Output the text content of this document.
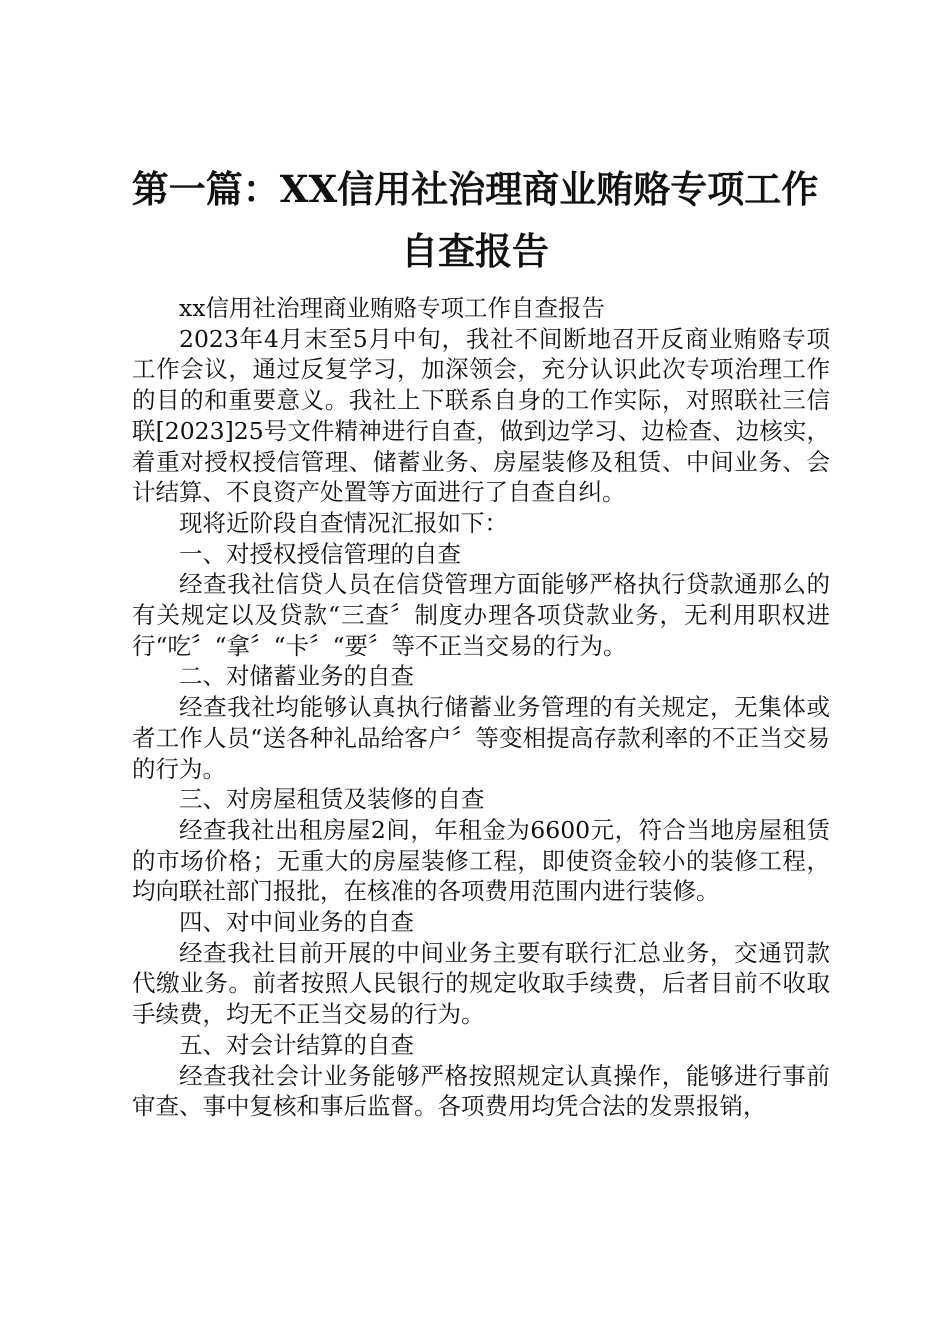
第一篇：XX信用社治理商业贿赂专项工作自查报告

xx信用社治理商业贿赂专项工作自查报告

2023年4月末至5月中旬，我社不间断地召开反商业贿赂专项工作会议，通过反复学习，加深领会，充分认识此次专项治理工作的目的和重要意义。我社上下联系自身的工作实际，对照联社三信联[2023]25号文件精神进行自查，做到边学习、边检查、边核实，着重对授权授信管理、储蓄业务、房屋装修及租赁、中间业务、会计结算、不良资产处置等方面进行了自查自纠。

现将近阶段自查情况汇报如下：

一、对授权授信管理的自查

经查我社信贷人员在信贷管理方面能够严格执行贷款通那么的有关规定以及贷款“三查〞制度办理各项贷款业务，无利用职权进行“吃〞“拿〞“卡〞“要〞等不正当交易的行为。

二、对储蓄业务的自查

经查我社均能够认真执行储蓄业务管理的有关规定，无集体或者工作人员“送各种礼品给客户〞等变相提高存款利率的不正当交易的行为。

三、对房屋租赁及装修的自查

经查我社出租房屋2间，年租金为6600元，符合当地房屋租赁的市场价格；无重大的房屋装修工程，即使资金较小的装修工程，均向联社部门报批，在核准的各项费用范围内进行装修。

四、对中间业务的自查

经查我社目前开展的中间业务主要有联行汇总业务，交通罚款代缴业务。前者按照人民银行的规定收取手续费，后者目前不收取手续费，均无不正当交易的行为。

五、对会计结算的自查

经查我社会计业务能够严格按照规定认真操作，能够进行事前审查、事中复核和事后监督。各项费用均凭合法的发票报销，
